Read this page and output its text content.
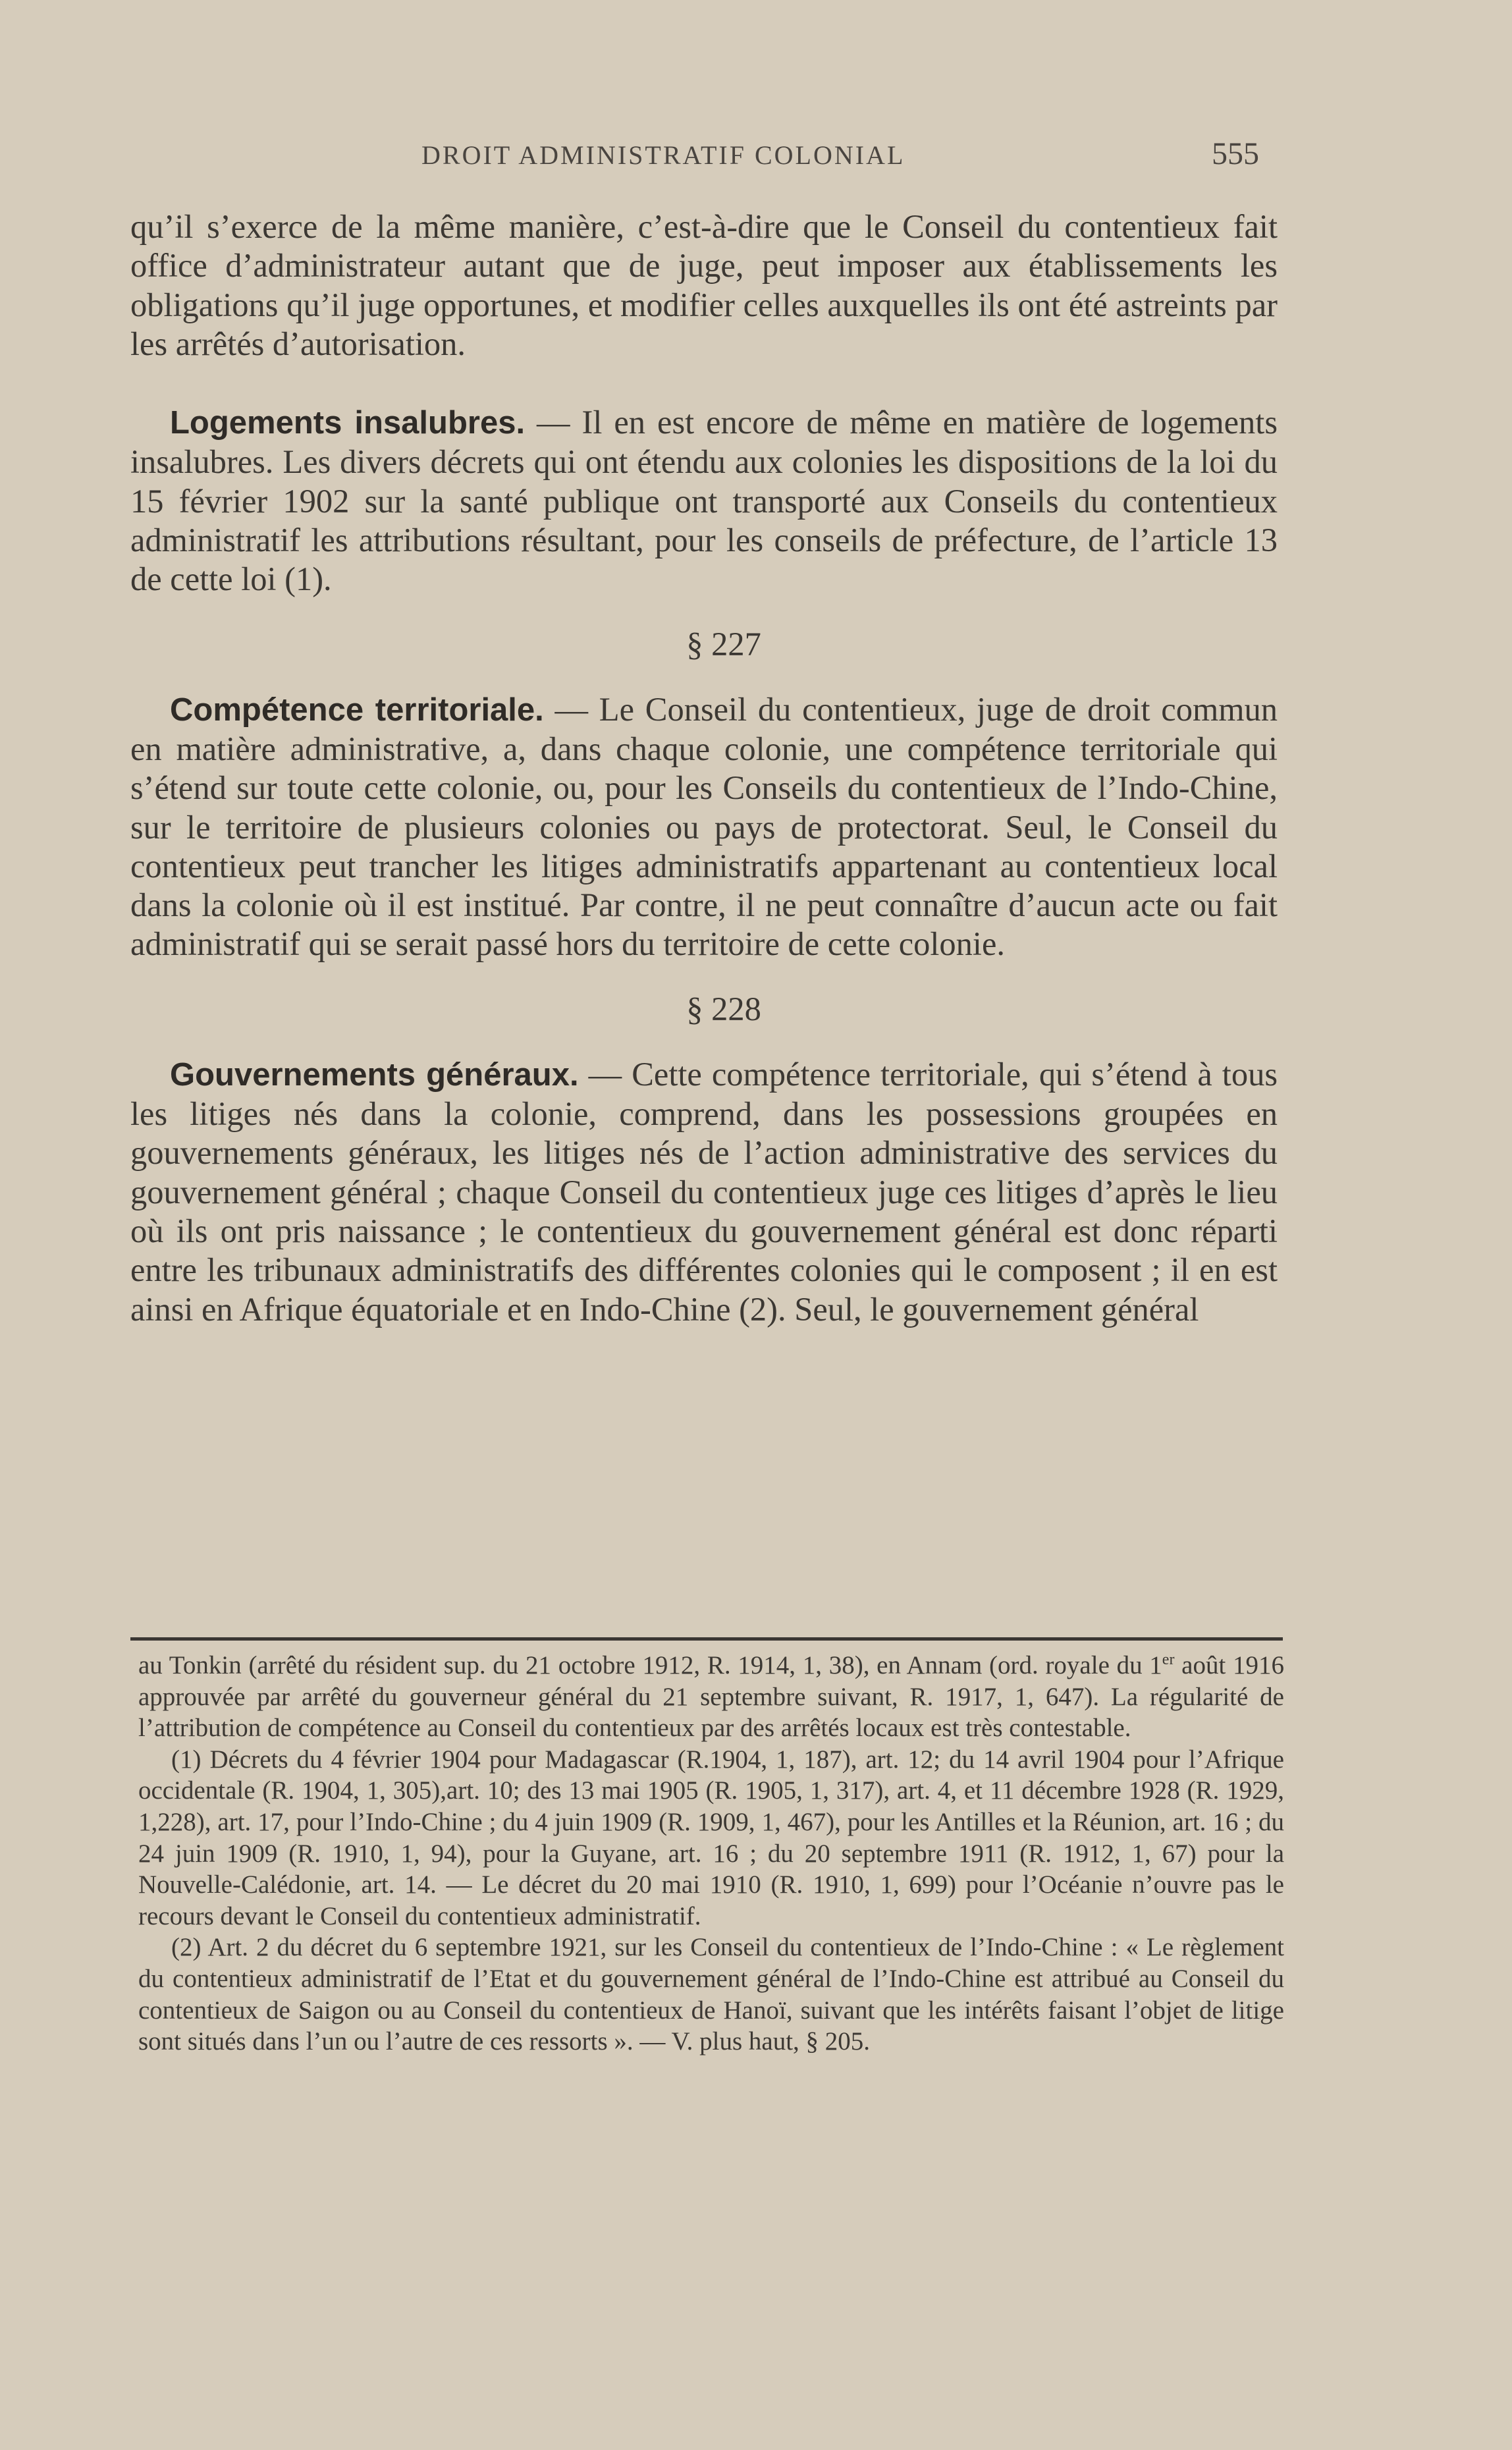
DROIT ADMINISTRATIF COLONIAL	555

qu’il s’exerce de la même manière, c’est-à-dire que le Conseil du contentieux fait office d’administrateur autant que de juge, peut imposer aux établissements les obligations qu’il juge opportunes, et modifier celles auxquelles ils ont été astreints par les arrêtés d’autorisation.

Logements insalubres. — Il en est encore de même en matière de logements insalubres. Les divers décrets qui ont étendu aux colonies les dispositions de la loi du 15 février 1902 sur la santé publique ont transporté aux Conseils du contentieux administratif les attributions résultant, pour les conseils de préfecture, de l’article 13 de cette loi (1).

§ 227

Compétence territoriale. — Le Conseil du contentieux, juge de droit commun en matière administrative, a, dans chaque colonie, une compétence territoriale qui s’étend sur toute cette colonie, ou, pour les Conseils du contentieux de l’Indo-Chine, sur le territoire de plusieurs colonies ou pays de protectorat. Seul, le Conseil du contentieux peut trancher les litiges administratifs appartenant au contentieux local dans la colonie où il est institué. Par contre, il ne peut connaître d’aucun acte ou fait administratif qui se serait passé hors du territoire de cette colonie.

§ 228

Gouvernements généraux. — Cette compétence territoriale, qui s’étend à tous les litiges nés dans la colonie, comprend, dans les possessions groupées en gouvernements généraux, les litiges nés de l’action administrative des services du gouvernement général ; chaque Conseil du contentieux juge ces litiges d’après le lieu où ils ont pris naissance ; le contentieux du gouvernement général est donc réparti entre les tribunaux administratifs des différentes colonies qui le composent ; il en est ainsi en Afrique équatoriale et en Indo-Chine (2). Seul, le gouvernement général

au Tonkin (arrêté du résident sup. du 21 octobre 1912, R. 1914, 1, 38), en Annam (ord. royale du 1er août 1916 approuvée par arrêté du gouverneur général du 21 septembre suivant, R. 1917, 1, 647). La régularité de l’attribution de compétence au Conseil du contentieux par des arrêtés locaux est très contestable.

(1) Décrets du 4 février 1904 pour Madagascar (R.1904, 1, 187), art. 12; du 14 avril 1904 pour l’Afrique occidentale (R. 1904, 1, 305),art. 10; des 13 mai 1905 (R. 1905, 1, 317), art. 4, et 11 décembre 1928 (R. 1929, 1,228), art. 17, pour l’Indo-Chine ; du 4 juin 1909 (R. 1909, 1, 467), pour les Antilles et la Réunion, art. 16 ; du 24 juin 1909 (R. 1910, 1, 94), pour la Guyane, art. 16 ; du 20 septembre 1911 (R. 1912, 1, 67) pour la Nouvelle-Calédonie, art. 14. — Le décret du 20 mai 1910 (R. 1910, 1, 699) pour l’Océanie n’ouvre pas le recours devant le Conseil du contentieux administratif.

(2) Art. 2 du décret du 6 septembre 1921, sur les Conseil du contentieux de l’Indo-Chine : « Le règlement du contentieux administratif de l’Etat et du gouvernement général de l’Indo-Chine est attribué au Conseil du contentieux de Saigon ou au Conseil du contentieux de Hanoï, suivant que les intérêts faisant l’objet de litige sont situés dans l’un ou l’autre de ces ressorts ». — V. plus haut, § 205.
